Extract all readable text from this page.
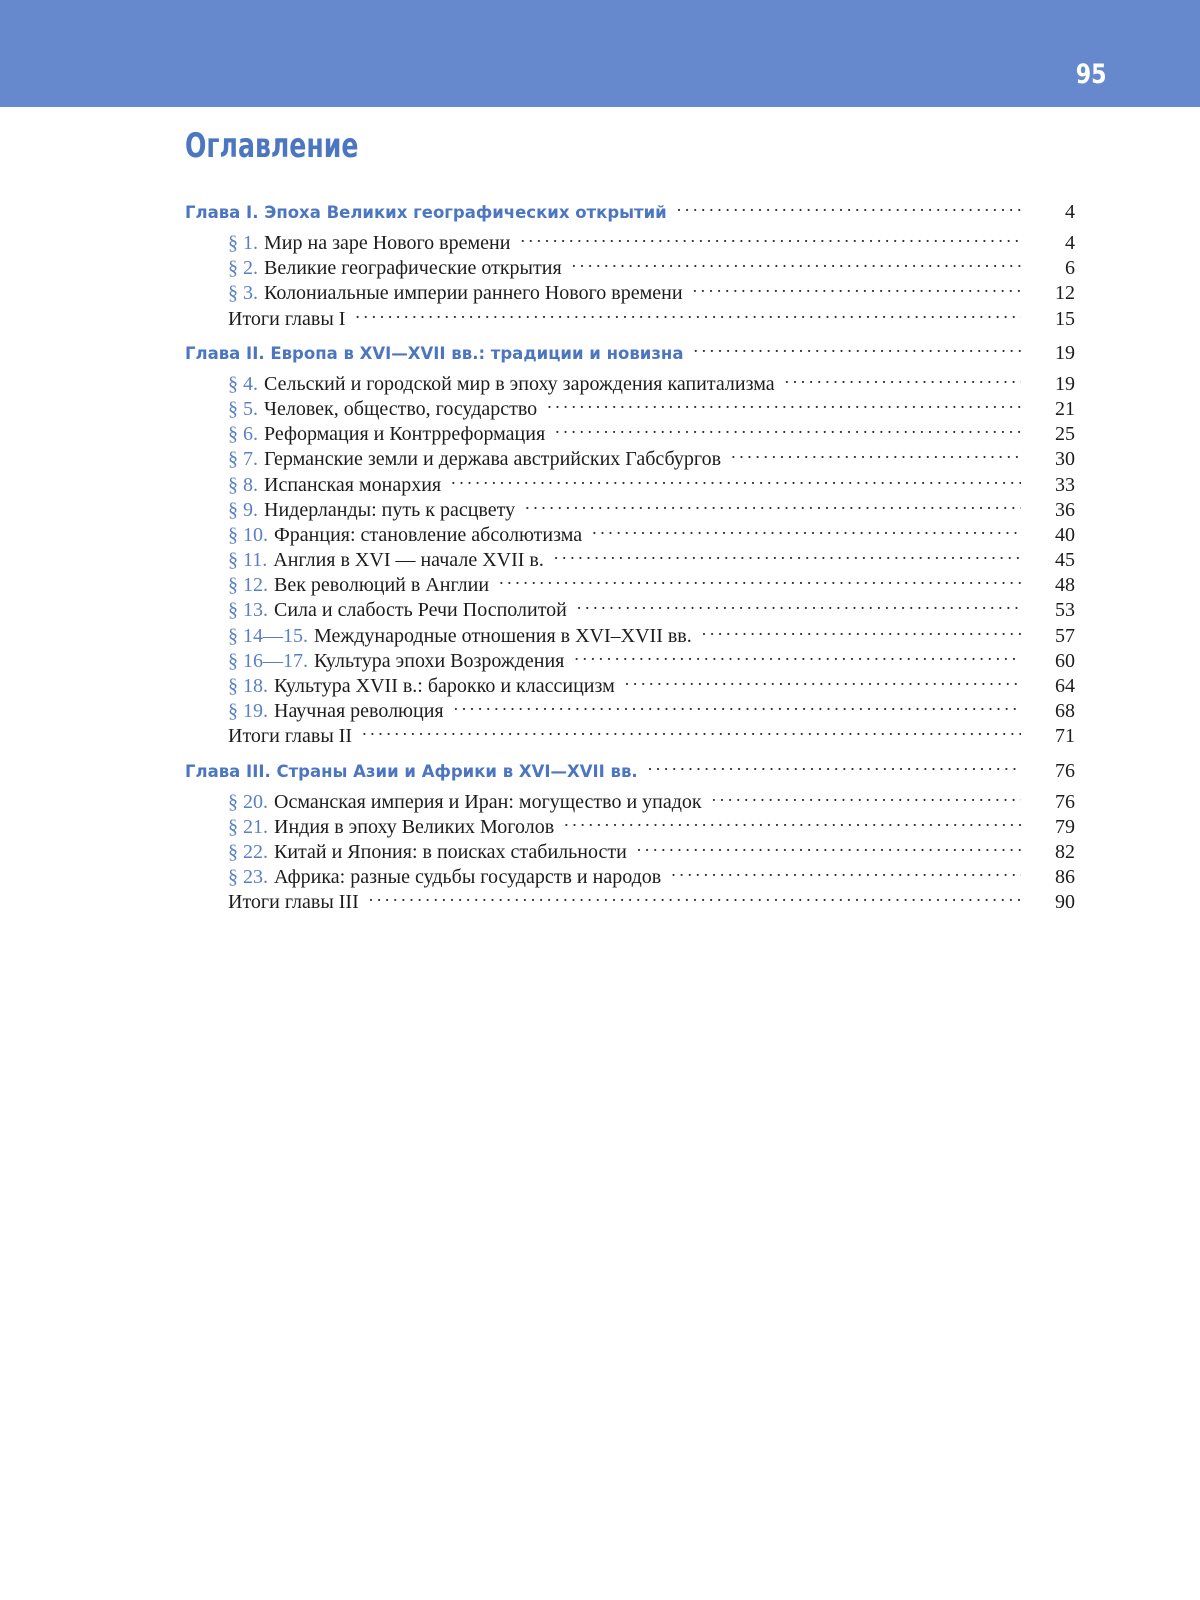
95
Оглавление
Глава I. Эпоха Великих географических открытий .....	4
§ 1. Мир на заре Нового времени .....	4
§ 2. Великие географические открытия .....	6
§ 3. Колониальные империи раннего Нового времени .....	12
Итоги главы I .....	15
Глава II. Европа в XVI—XVII вв.: традиции и новизна .....	19
§ 4. Сельский и городской мир в эпоху зарождения капитализма .....	19
§ 5. Человек, общество, государство .....	21
§ 6. Реформация и Контрреформация .....	25
§ 7. Германские земли и держава австрийских Габсбургов .....	30
§ 8. Испанская монархия .....	33
§ 9. Нидерланды: путь к расцвету .....	36
§ 10. Франция: становление абсолютизма .....	40
§ 11. Англия в XVI — начале XVII в. .....	45
§ 12. Век революций в Англии .....	48
§ 13. Сила и слабость Речи Посполитой .....	53
§ 14—15. Международные отношения в XVI–XVII вв. .....	57
§ 16—17. Культура эпохи Возрождения .....	60
§ 18. Культура XVII в.: барокко и классицизм .....	64
§ 19. Научная революция .....	68
Итоги главы II .....	71
Глава III. Страны Азии и Африки в XVI—XVII вв. .....	76
§ 20. Османская империя и Иран: могущество и упадок .....	76
§ 21. Индия в эпоху Великих Моголов .....	79
§ 22. Китай и Япония: в поисках стабильности .....	82
§ 23. Африка: разные судьбы государств и народов .....	86
Итоги главы III .....	90
